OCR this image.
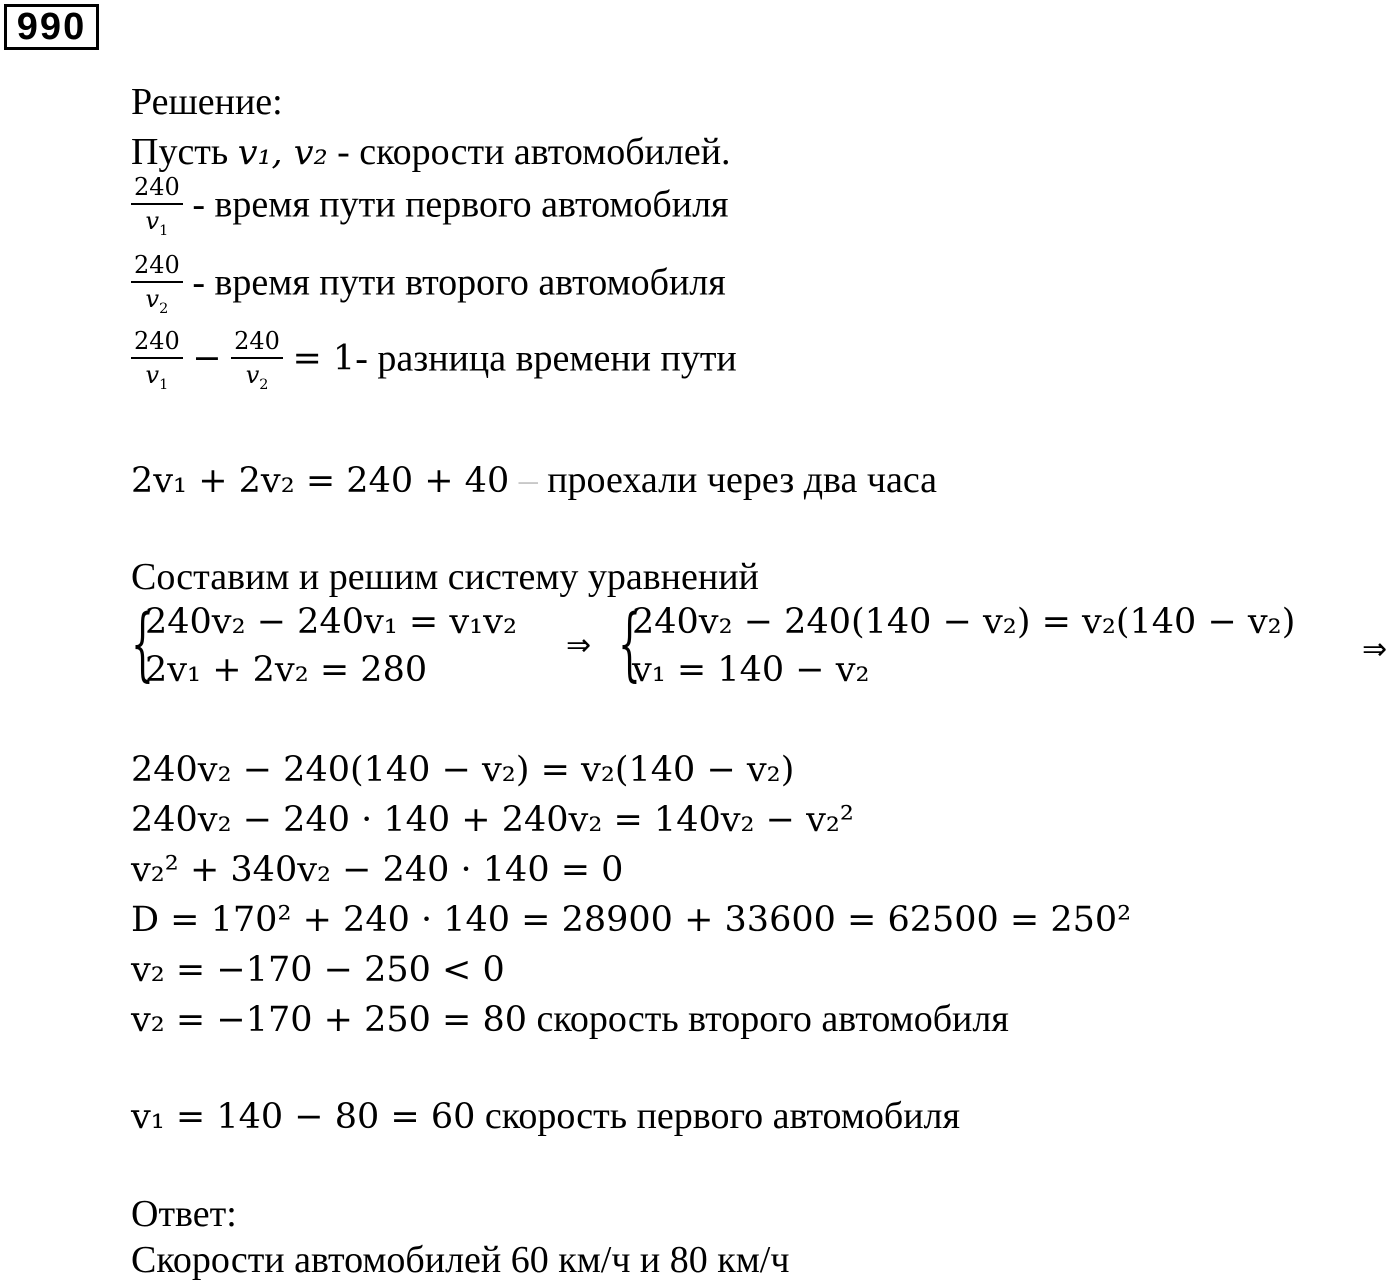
990
Решение:
Пусть v₁, v₂ - скорости автомобилей.
$\frac{240}{v_1}$ - время пути первого автомобиля
$\frac{240}{v_2}$ - время пути второго автомобиля
$\frac{240}{v_1} - \frac{240}{v_2} = 1-$ разница времени пути
2v₁ + 2v₂ = 240 + 40 – проехали через два часа
Составим и решим систему уравнений
{
240v₂ − 240v₁ = v₁v₂
2v₁ + 2v₂ = 280
⇒ {
240v₂ − 240(140 − v₂) = v₂(140 − v₂)
v₁ = 140 − v₂
⇒
240v₂ − 240(140 − v₂) = v₂(140 − v₂)
240v₂ − 240 · 140 + 240v₂ = 140v₂ − v₂²
v₂² + 340v₂ − 240 · 140 = 0
D = 170² + 240 · 140 = 28900 + 33600 = 62500 = 250²
v₂ = −170 − 250 < 0
v₂ = −170 + 250 = 80 скорость второго автомобиля
v₁ = 140 − 80 = 60 скорость первого автомобиля
Ответ:
Скорости автомобилей 60 км/ч и 80 км/ч
